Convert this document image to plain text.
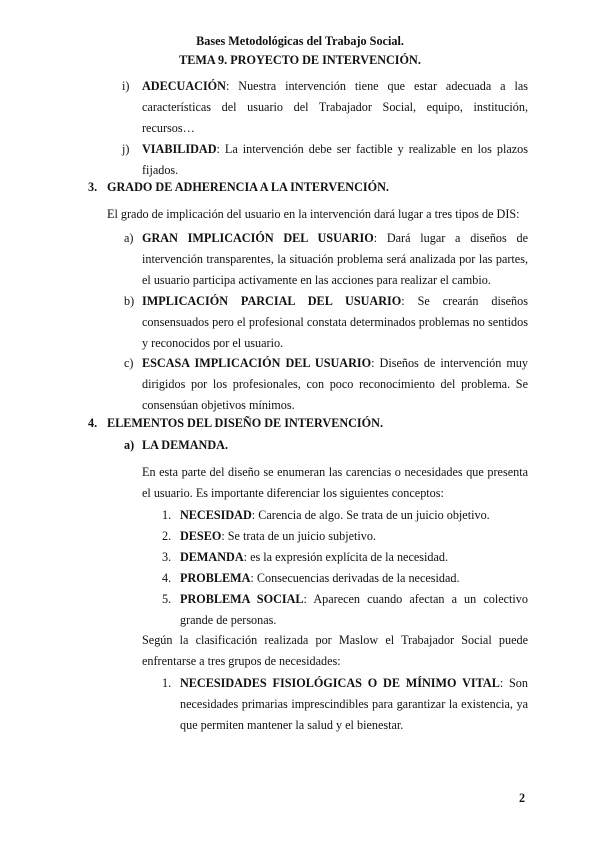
Bases Metodológicas del Trabajo Social.
TEMA 9. PROYECTO DE INTERVENCIÓN.
i) ADECUACIÓN: Nuestra intervención tiene que estar adecuada a las características del usuario del Trabajador Social, equipo, institución, recursos…
j) VIABILIDAD: La intervención debe ser factible y realizable en los plazos fijados.
3. GRADO DE ADHERENCIA A LA INTERVENCIÓN.
El grado de implicación del usuario en la intervención dará lugar a tres tipos de DIS:
a) GRAN IMPLICACIÓN DEL USUARIO: Dará lugar a diseños de intervención transparentes, la situación problema será analizada por las partes, el usuario participa activamente en las acciones para realizar el cambio.
b) IMPLICACIÓN PARCIAL DEL USUARIO: Se crearán diseños consensuados pero el profesional constata determinados problemas no sentidos y reconocidos por el usuario.
c) ESCASA IMPLICACIÓN DEL USUARIO: Diseños de intervención muy dirigidos por los profesionales, con poco reconocimiento del problema. Se consensúan objetivos mínimos.
4. ELEMENTOS DEL DISEÑO DE INTERVENCIÓN.
a) LA DEMANDA.
En esta parte del diseño se enumeran las carencias o necesidades que presenta el usuario. Es importante diferenciar los siguientes conceptos:
1. NECESIDAD: Carencia de algo. Se trata de un juicio objetivo.
2. DESEO: Se trata de un juicio subjetivo.
3. DEMANDA: es la expresión explícita de la necesidad.
4. PROBLEMA: Consecuencias derivadas de la necesidad.
5. PROBLEMA SOCIAL: Aparecen cuando afectan a un colectivo grande de personas.
Según la clasificación realizada por Maslow el Trabajador Social puede enfrentarse a tres grupos de necesidades:
1. NECESIDADES FISIOLÓGICAS O DE MÍNIMO VITAL: Son necesidades primarias imprescindibles para garantizar la existencia, ya que permiten mantener la salud y el bienestar.
2
